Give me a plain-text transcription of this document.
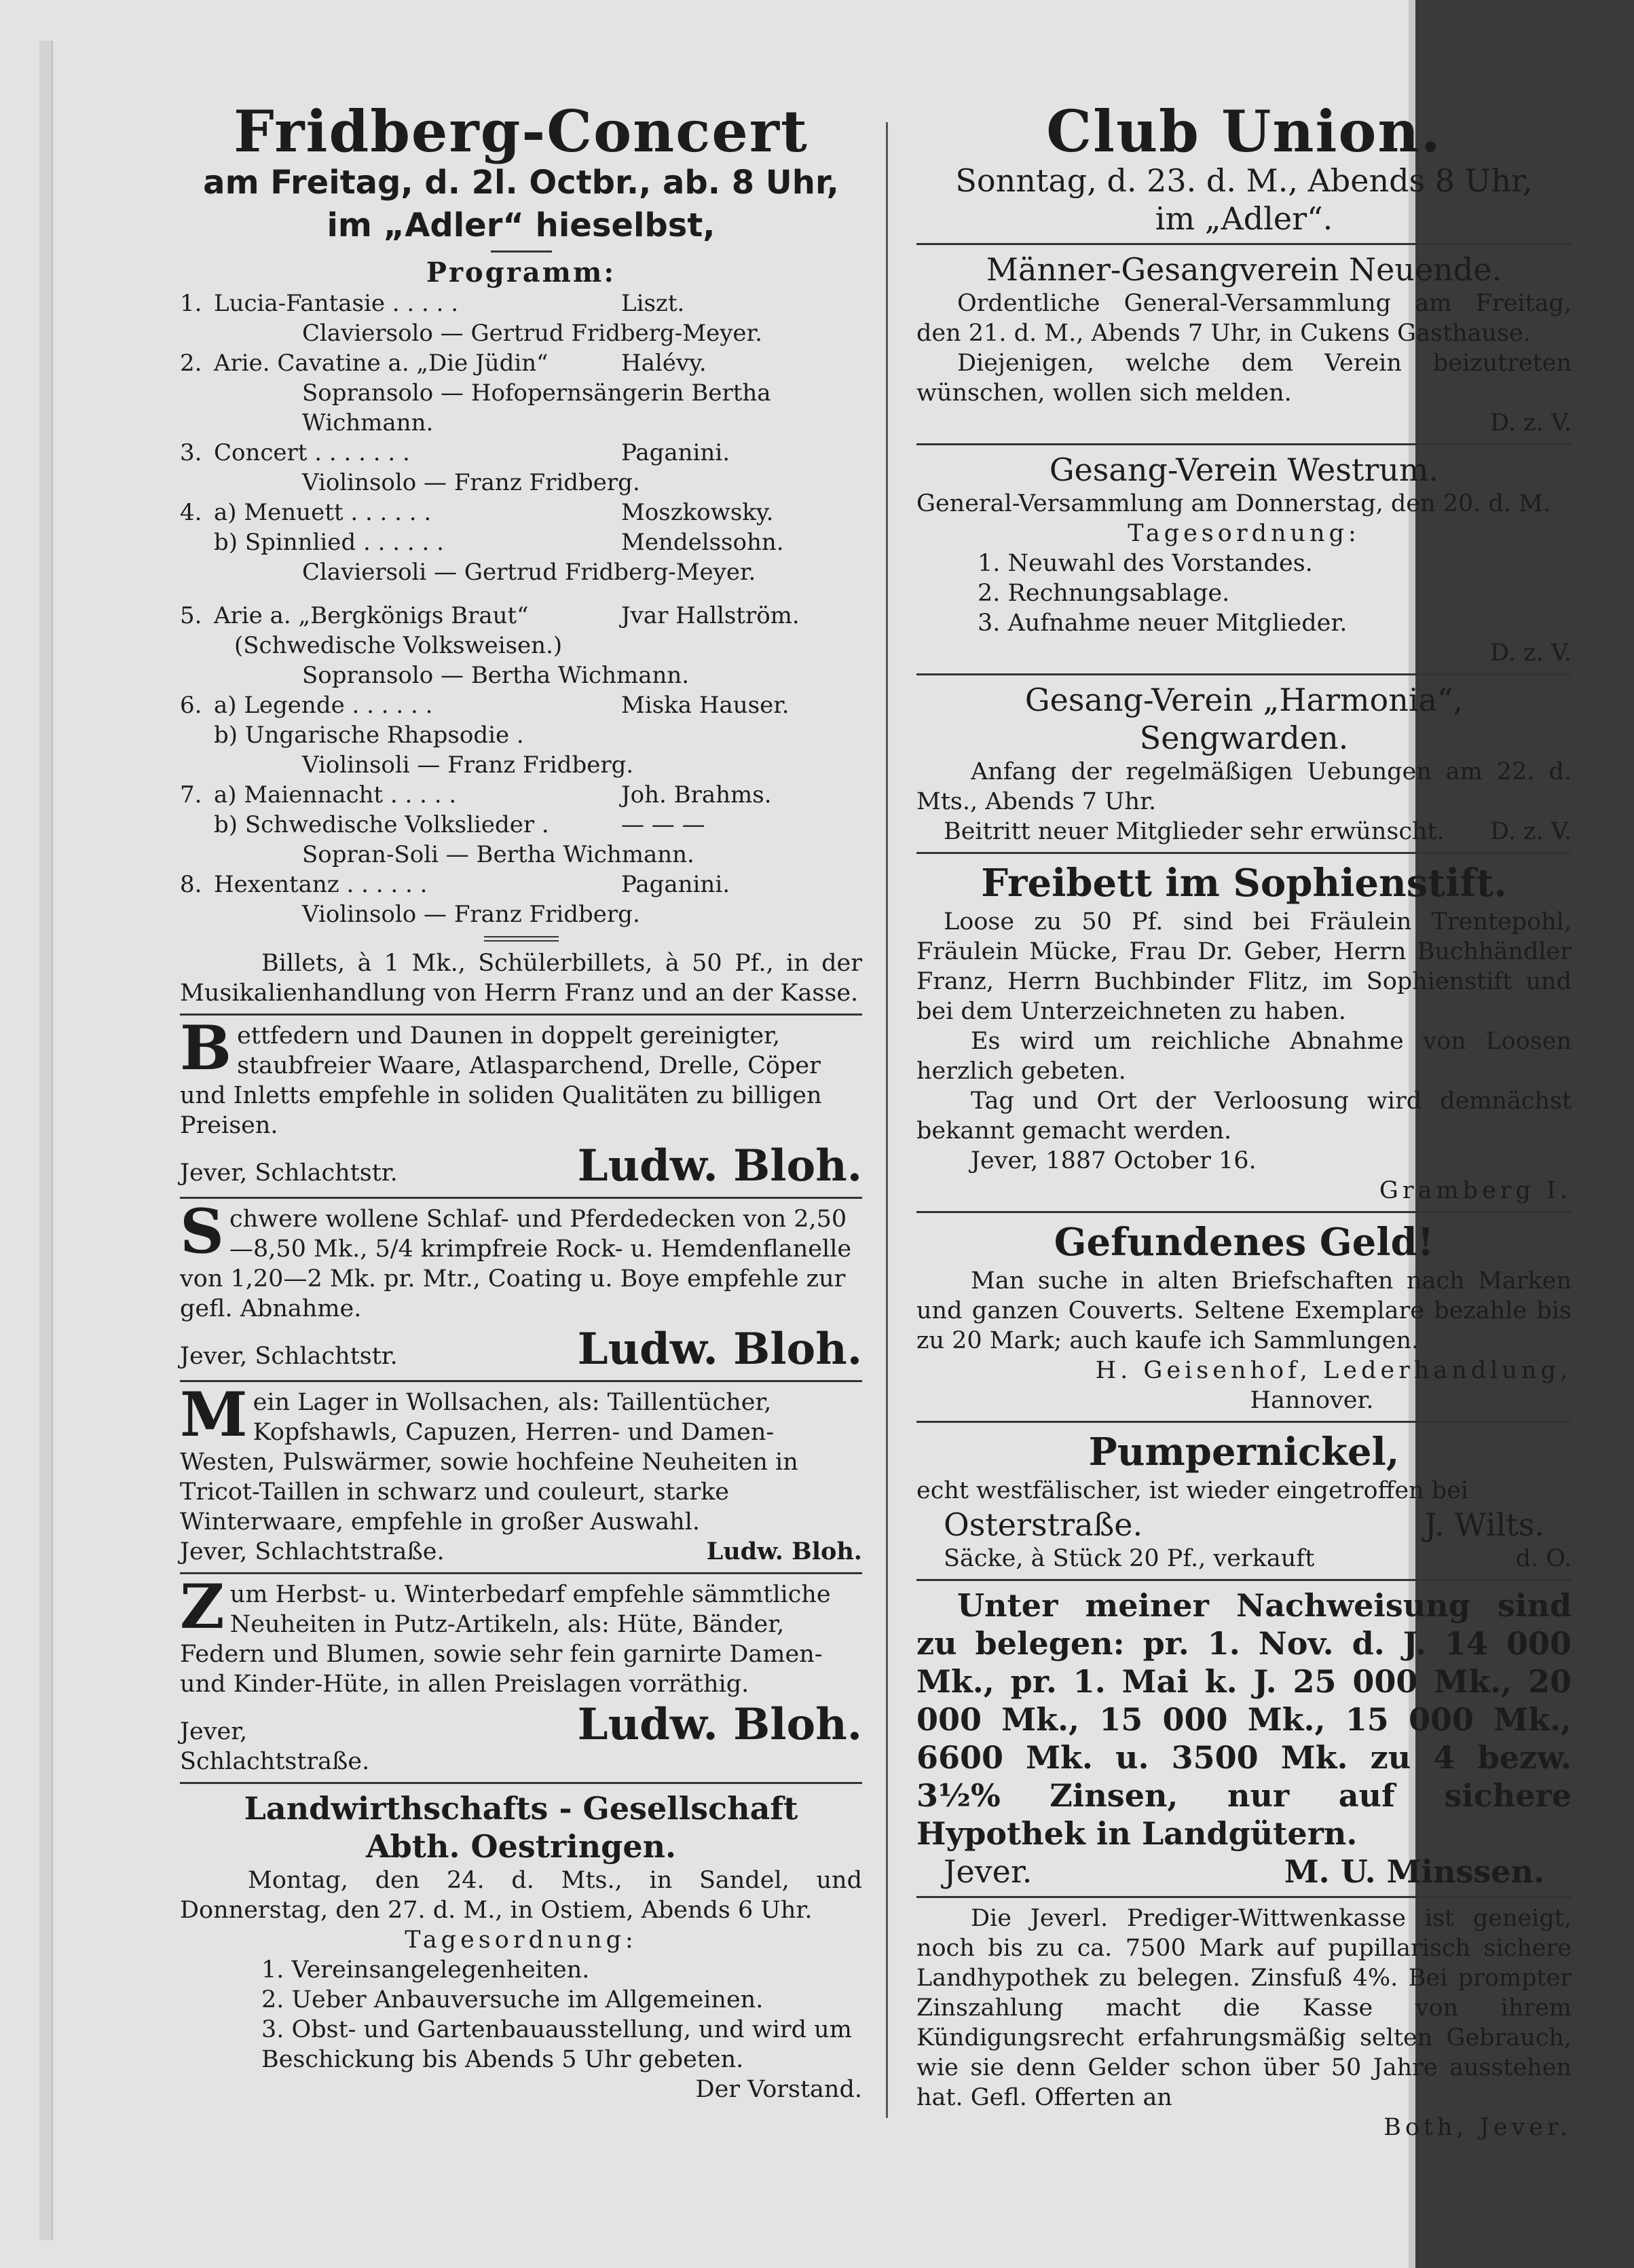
Fridberg-Concert
am Freitag, d. 2l. Octbr., ab. 8 Uhr,
im „Adler“ hieselbst,
Programm:
1. Lucia-Fantasie . . . . .	Liszt.
Claviersolo — Gertrud Fridberg-Meyer.
2. Arie. Cavatine a. „Die Jüdin“	Halévy.
Sopransolo — Hofopernsängerin Bertha Wichmann.
3. Concert . . . . . . .	Paganini.
Violinsolo — Franz Fridberg.
4. a) Menuett . . . . . .	Moszkowsky.
b) Spinnlied . . . . . .	Mendelssohn.
Claviersoli — Gertrud Fridberg-Meyer.
5. Arie a. „Bergkönigs Braut“	Jvar Hallström.
(Schwedische Volksweisen.)
Sopransolo — Bertha Wichmann.
6. a) Legende . . . . . .	Miska Hauser.
b) Ungarische Rhapsodie .
Violinsoli — Franz Fridberg.
7. a) Maiennacht . . . . .	Joh. Brahms.
b) Schwedische Volkslieder .	— — —
Sopran-Soli — Bertha Wichmann.
8. Hexentanz . . . . . .	Paganini.
Violinsolo — Franz Fridberg.
Billets, à 1 Mk., Schülerbillets, à 50 Pf., in der Musikalienhandlung von Herrn Franz und an der Kasse.
Bettfedern und Daunen in doppelt gereinigter, staubfreier Waare, Atlasparchend, Drelle, Cöper und Inletts empfehle in soliden Qualitäten zu billigen Preisen.
Jever, Schlachtstr.	Ludw. Bloh.
Schwere wollene Schlaf- und Pferdedecken von 2,50—8,50 Mk., 5/4 krimpfreie Rock- u. Hemdenflanelle von 1,20—2 Mk. pr. Mtr., Coating u. Boye empfehle zur gefl. Abnahme.
Jever, Schlachtstr.	Ludw. Bloh.
Mein Lager in Wollsachen, als: Taillentücher, Kopfshawls, Capuzen, Herren- und Damen-Westen, Pulswärmer, sowie hochfeine Neuheiten in Tricot-Taillen in schwarz und couleurt, starke Winterwaare, empfehle in großer Auswahl.
Jever, Schlachtstraße.	Ludw. Bloh.
Zum Herbst- u. Winterbedarf empfehle sämmtliche Neuheiten in Putz-Artikeln, als: Hüte, Bänder, Federn und Blumen, sowie sehr fein garnirte Damen- und Kinder-Hüte, in allen Preislagen vorräthig.
Jever,
Schlachtstraße.
Ludw. Bloh.
Landwirthschafts - Gesellschaft
Abth. Oestringen.
Montag, den 24. d. Mts., in Sandel, und Donnerstag, den 27. d. M., in Ostiem, Abends 6 Uhr.
Tagesordnung:
1. Vereinsangelegenheiten.
2. Ueber Anbauversuche im Allgemeinen.
3. Obst- und Gartenbauausstellung, und wird um Beschickung bis Abends 5 Uhr gebeten.
Der Vorstand.
Club Union.
Sonntag, d. 23. d. M., Abends 8 Uhr,
im „Adler“.
Männer-Gesangverein Neuende.
Ordentliche General-Versammlung am Freitag, den 21. d. M., Abends 7 Uhr, in Cukens Gasthause.
Diejenigen, welche dem Verein beizutreten wünschen, wollen sich melden.
D. z. V.
Gesang-Verein Westrum.
General-Versammlung am Donnerstag, den 20. d. M.
Tagesordnung:
1. Neuwahl des Vorstandes.
2. Rechnungsablage.
3. Aufnahme neuer Mitglieder.
D. z. V.
Gesang-Verein „Harmonia“,
Sengwarden.
Anfang der regelmäßigen Uebungen am 22. d. Mts., Abends 7 Uhr.
Beitritt neuer Mitglieder sehr erwünscht. D. z. V.
Freibett im Sophienstift.
Loose zu 50 Pf. sind bei Fräulein Trentepohl, Fräulein Mücke, Frau Dr. Geber, Herrn Buchhändler Franz, Herrn Buchbinder Flitz, im Sophienstift und bei dem Unterzeichneten zu haben.
Es wird um reichliche Abnahme von Loosen herzlich gebeten.
Tag und Ort der Verloosung wird demnächst bekannt gemacht werden.
Jever, 1887 October 16.
Gramberg I.
Gefundenes Geld!
Man suche in alten Briefschaften nach Marken und ganzen Couverts. Seltene Exemplare bezahle bis zu 20 Mark; auch kaufe ich Sammlungen.
H. Geisenhof, Lederhandlung,
Hannover.
Pumpernickel,
echt westfälischer, ist wieder eingetroffen bei
Osterstraße.	J. Wilts.
Säcke, à Stück 20 Pf., verkauft	d. O.
Unter meiner Nachweisung sind zu belegen: pr. 1. Nov. d. J. 14 000 Mk., pr. 1. Mai k. J. 25 000 Mk., 20 000 Mk., 15 000 Mk., 15 000 Mk., 6600 Mk. u. 3500 Mk. zu 4 bezw. 3½% Zinsen, nur auf sichere Hypothek in Landgütern.
Jever.	M. U. Minssen.
Die Jeverl. Prediger-Wittwenkasse ist geneigt, noch bis zu ca. 7500 Mark auf pupillarisch sichere Landhypothek zu belegen. Zinsfuß 4%. Bei prompter Zinszahlung macht die Kasse von ihrem Kündigungsrecht erfahrungsmäßig selten Gebrauch, wie sie denn Gelder schon über 50 Jahre ausstehen hat. Gefl. Offerten an
Both, Jever.
